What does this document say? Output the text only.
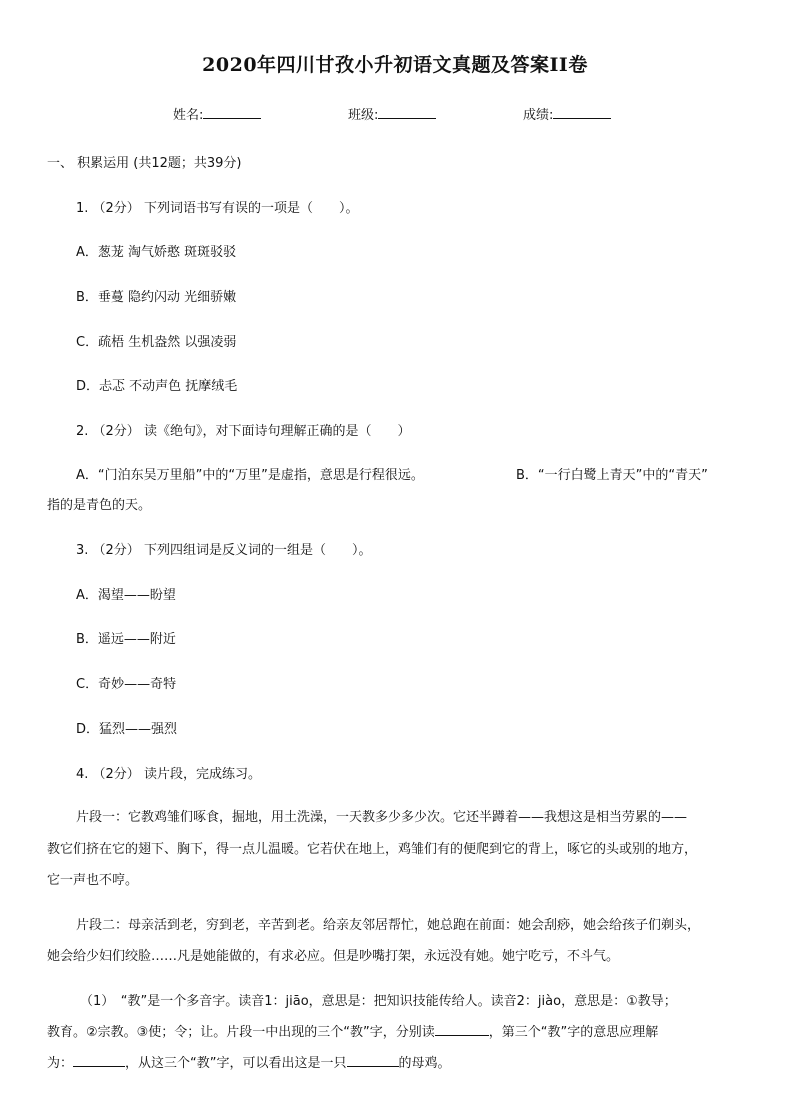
2020年四川甘孜小升初语文真题及答案II卷
姓名:	班级:	成绩:
一、 积累运用 (共12题；共39分)
1. （2分） 下列词语书写有误的一项是（　　）。
A．葱茏 淘气娇憨 斑斑驳驳
B．垂蔓 隐约闪动 光细骄嫩
C．疏梧 生机盎然 以强凌弱
D．忐忑 不动声色 抚摩绒毛
2. （2分） 读《绝句》，对下面诗句理解正确的是（　　）
A．“门泊东吴万里船”中的“万里”是虚指，意思是行程很远。	B．“一行白鹭上青天”中的“青天”
指的是青色的天。
3. （2分） 下列四组词是反义词的一组是（　　）。
A．渴望——盼望
B．遥远——附近
C．奇妙——奇特
D．猛烈——强烈
4. （2分） 读片段，完成练习。
片段一：它教鸡雏们啄食，掘地，用土洗澡，一天教多少多少次。它还半蹲着——我想这是相当劳累的——
教它们挤在它的翅下、胸下，得一点儿温暖。它若伏在地上，鸡雏们有的便爬到它的背上，啄它的头或别的地方，
它一声也不哼。
片段二：母亲活到老，穷到老，辛苦到老。给亲友邻居帮忙，她总跑在前面：她会刮痧，她会给孩子们剃头，
她会给少妇们绞脸……凡是她能做的，有求必应。但是吵嘴打架，永远没有她。她宁吃亏，不斗气。
（1）　“教”是一个多音字。读音1：jiāo，意思是：把知识技能传给人。读音2：jiào，意思是：①教导；
教育。②宗教。③使；令；让。片段一中出现的三个“教”字，分别读	，第三个“教”字的意思应理解
为：	，从这三个“教”字，可以看出这是一只	的母鸡。
